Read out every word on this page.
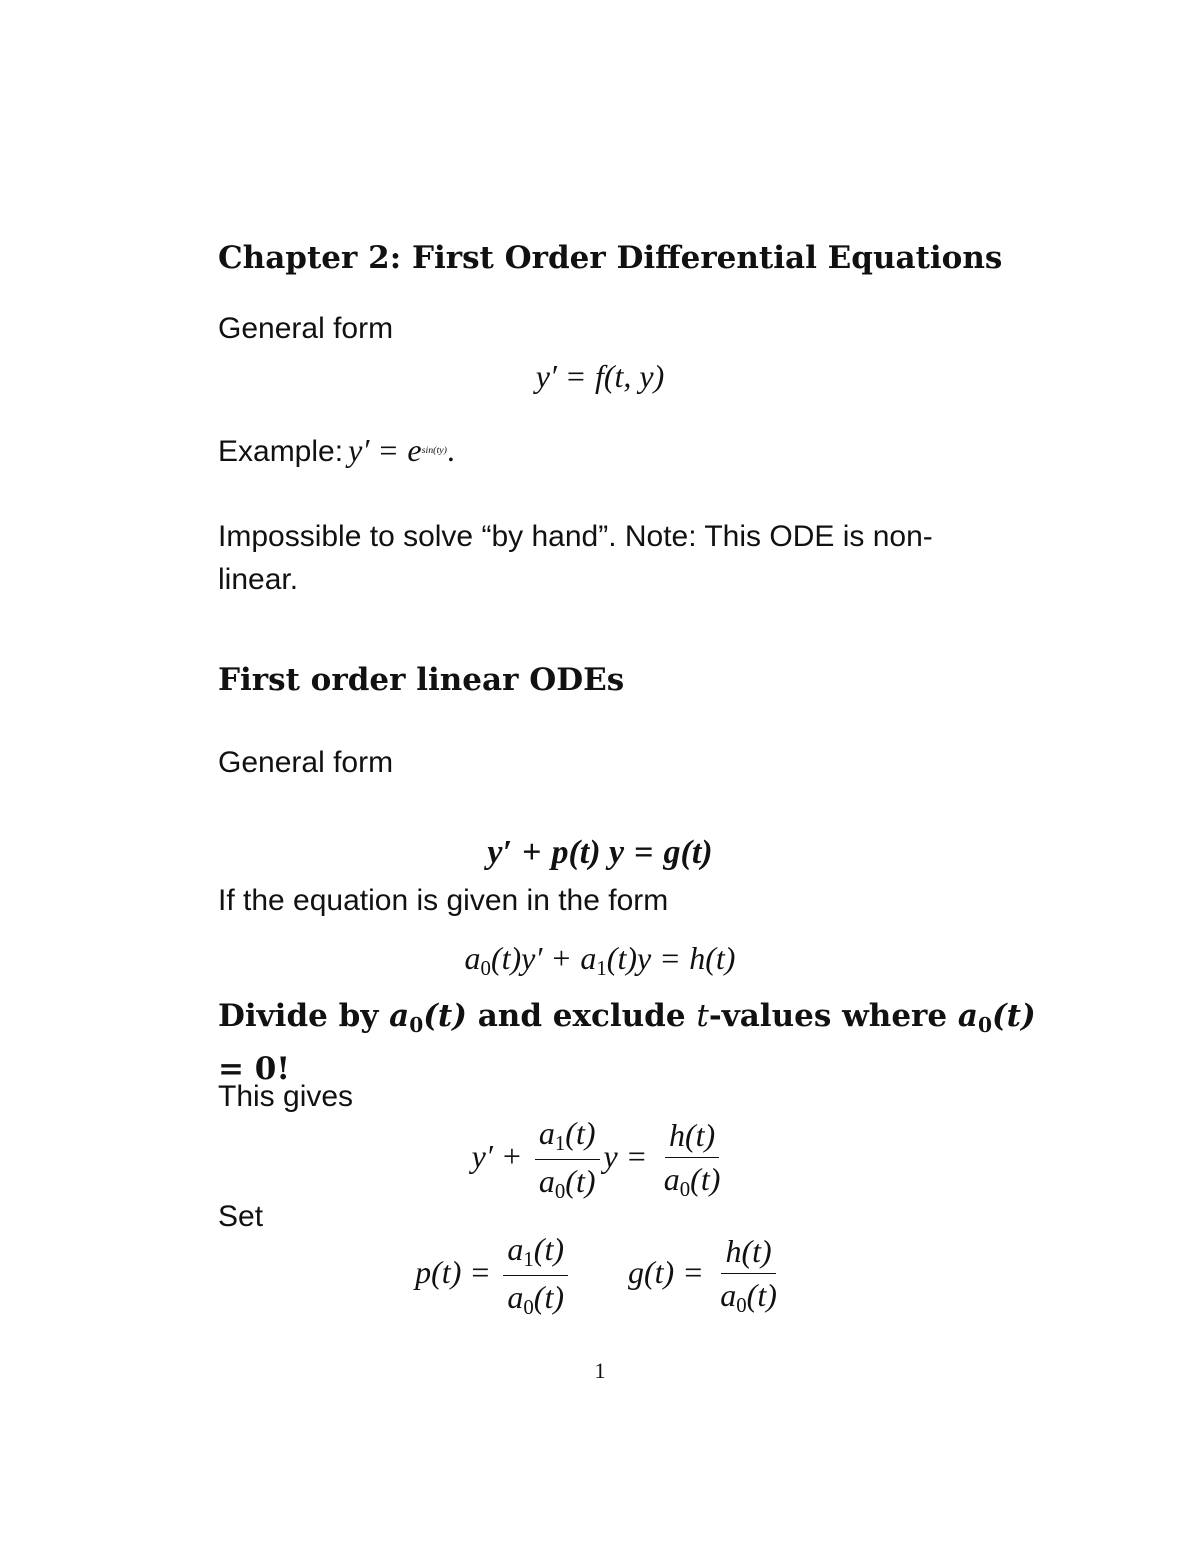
Chapter 2: First Order Differential Equations
General form
y′ = f(t, y)
Example: $y' = e^{sin(ty)}$.
Impossible to solve “by hand”. Note: This ODE is non-
linear.
First order linear ODEs
General form
y′ + p(t) y = g(t)
If the equation is given in the form
$a_0(t)y' + a_1(t)y = h(t)$
Divide by $a_0(t)$ and exclude t-values where $a_0(t) = 0$!
This gives
$y' + \frac{a_1(t)}{a_0(t)}$ $y = \frac{h(t)}{a_0(t)}$
Set
$p(t) = \frac{a_1(t)}{a_0(t)} g(t) = \frac{h(t)}{a_0(t)}$
1
